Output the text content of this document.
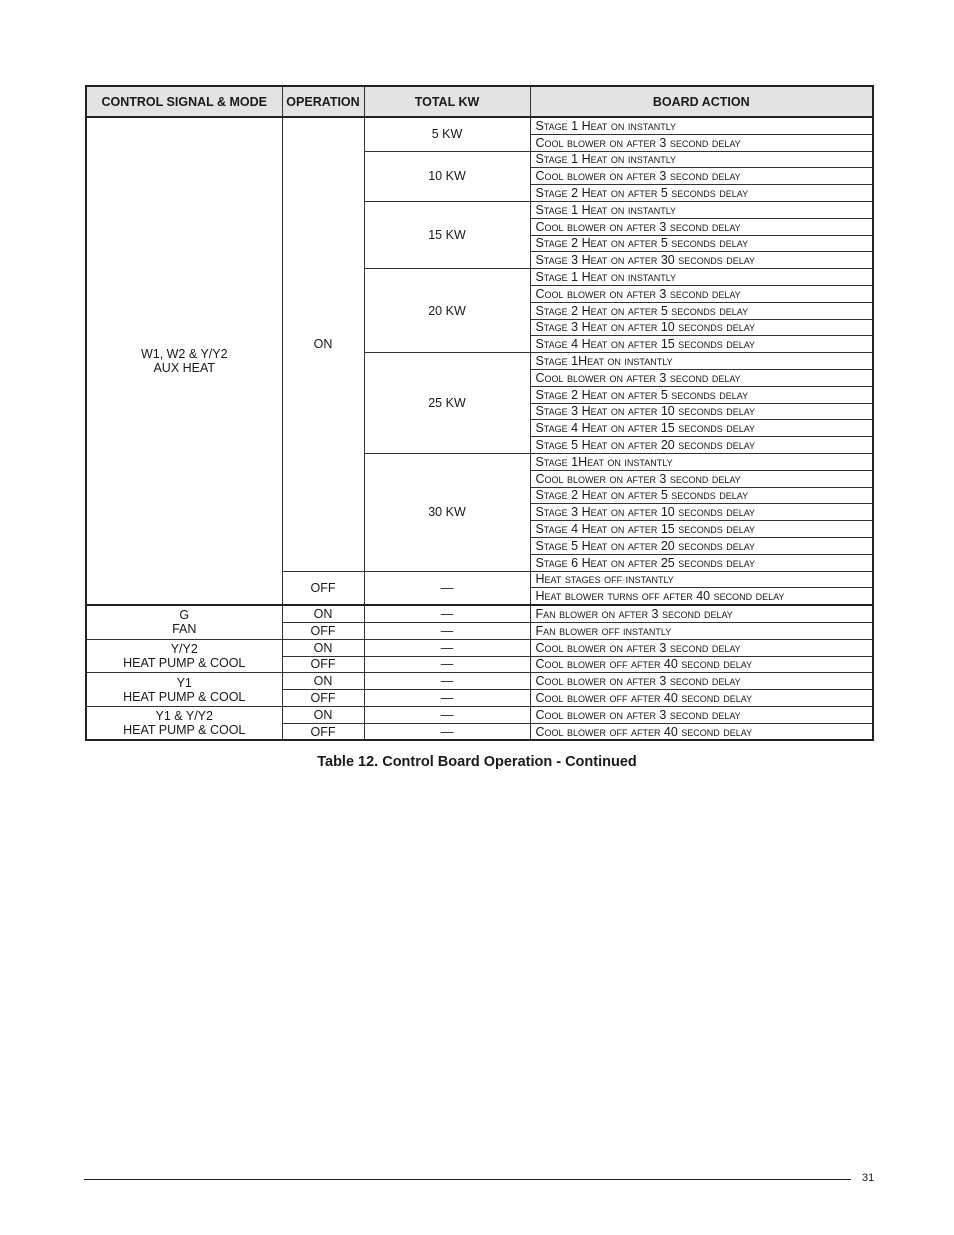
CONTROL SIGNAL & MODE	OPERATION	TOTAL KW	BOARD ACTION

W1, W2 & Y/Y2
AUX HEAT	ON	5 KW	Stage 1 Heat on instantly
			Cool blower on after 3 second delay
		10 KW	Stage 1 Heat on instantly
			Cool blower on after 3 second delay
			Stage 2 Heat on after 5 seconds delay
		15 KW	Stage 1 Heat on instantly
			Cool blower on after 3 second delay
			Stage 2 Heat on after 5 seconds delay
			Stage 3 Heat on after 30 seconds delay
		20 KW	Stage 1 Heat on instantly
			Cool blower on after 3 second delay
			Stage 2 Heat on after 5 seconds delay
			Stage 3 Heat on after 10 seconds delay
			Stage 4 Heat on after 15 seconds delay
		25 KW	Stage 1Heat on instantly
			Cool blower on after 3 second delay
			Stage 2 Heat on after 5 seconds delay
			Stage 3 Heat on after 10 seconds delay
			Stage 4 Heat on after 15 seconds delay
			Stage 5 Heat on after 20 seconds delay
		30 KW	Stage 1Heat on instantly
			Cool blower on after 3 second delay
			Stage 2 Heat on after 5 seconds delay
			Stage 3 Heat on after 10 seconds delay
			Stage 4 Heat on after 15 seconds delay
			Stage 5 Heat on after 20 seconds delay
			Stage 6 Heat on after 25 seconds delay
	OFF	—	Heat stages off instantly
			Heat blower turns off after 40 second delay

G
FAN	ON	—	Fan blower on after 3 second delay
	OFF	—	Fan blower off instantly

Y/Y2
HEAT PUMP & COOL	ON	—	Cool blower on after 3 second delay
	OFF	—	Cool blower off after 40 second delay

Y1
HEAT PUMP & COOL	ON	—	Cool blower on after 3 second delay
	OFF	—	Cool blower off after 40 second delay

Y1 & Y/Y2
HEAT PUMP & COOL	ON	—	Cool blower on after 3 second delay
	OFF	—	Cool blower off after 40 second delay
Table 12. Control Board Operation - Continued
31
